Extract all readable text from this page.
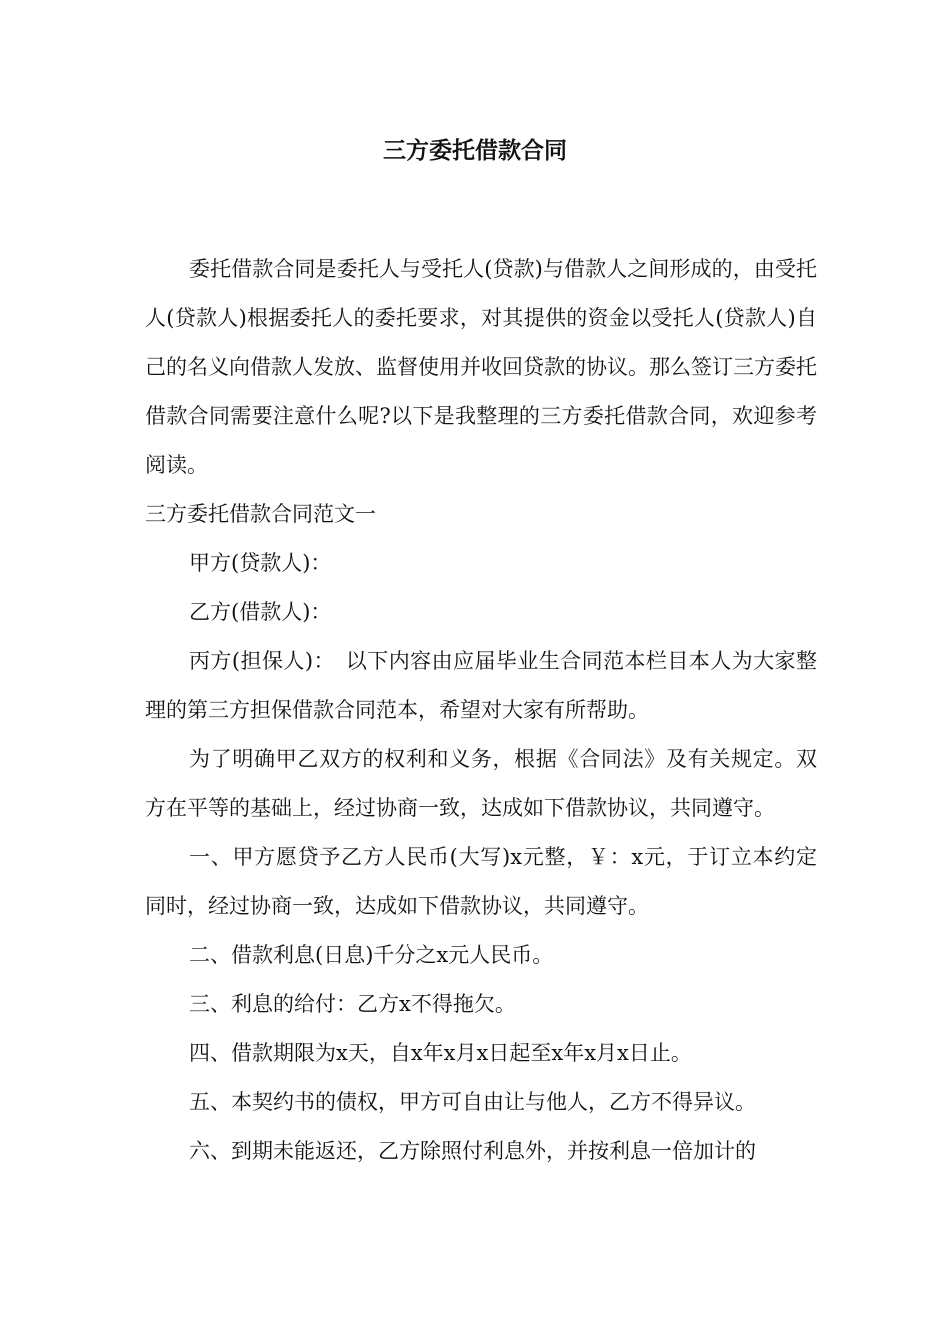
三方委托借款合同

委托借款合同是委托人与受托人(贷款)与借款人之间形成的，由受托人(贷款人)根据委托人的委托要求，对其提供的资金以受托人(贷款人)自己的名义向借款人发放、监督使用并收回贷款的协议。那么签订三方委托借款合同需要注意什么呢?以下是我整理的三方委托借款合同，欢迎参考阅读。

三方委托借款合同范文一

甲方(贷款人)：

乙方(借款人)：

丙方(担保人)：　以下内容由应届毕业生合同范本栏目本人为大家整理的第三方担保借款合同范本，希望对大家有所帮助。

为了明确甲乙双方的权利和义务，根据《合同法》及有关规定。双方在平等的基础上，经过协商一致，达成如下借款协议，共同遵守。

一、甲方愿贷予乙方人民币(大写)x元整，￥：x元，于订立本约定同时，经过协商一致，达成如下借款协议，共同遵守。

二、借款利息(日息)千分之x元人民币。

三、利息的给付：乙方x不得拖欠。

四、借款期限为x天，自x年x月x日起至x年x月x日止。

五、本契约书的债权，甲方可自由让与他人，乙方不得异议。

六、到期未能返还，乙方除照付利息外，并按利息一倍加计的
